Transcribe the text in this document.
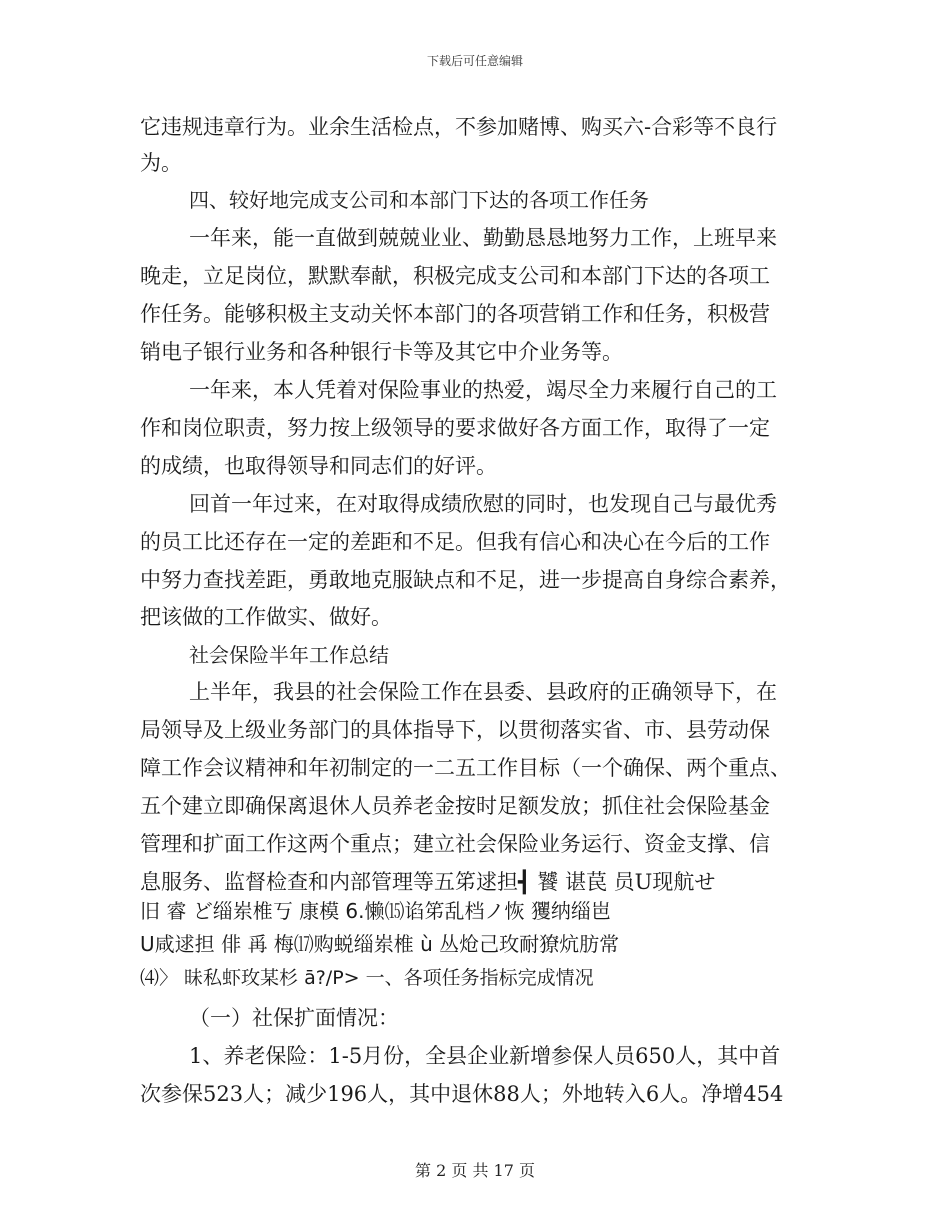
下载后可任意编辑
它违规违章行为。业余生活检点，不参加赌博、购买六-合彩等不良行
为。
四、较好地完成支公司和本部门下达的各项工作任务
一年来，能一直做到兢兢业业、勤勤恳恳地努力工作，上班早来
晚走，立足岗位，默默奉献，积极完成支公司和本部门下达的各项工
作任务。能够积极主支动关怀本部门的各项营销工作和任务，积极营
销电子银行业务和各种银行卡等及其它中介业务等。
一年来，本人凭着对保险事业的热爱，竭尽全力来履行自己的工
作和岗位职责，努力按上级领导的要求做好各方面工作，取得了一定
的成绩，也取得领导和同志们的好评。
回首一年过来，在对取得成绩欣慰的同时，也发现自己与最优秀
的员工比还存在一定的差距和不足。但我有信心和决心在今后的工作
中努力查找差距，勇敢地克服缺点和不足，进一步提高自身综合素养，
把该做的工作做实、做好。
社会保险半年工作总结
上半年，我县的社会保险工作在县委、县政府的正确领导下，在
局领导及上级业务部门的具体指导下，以贯彻落实省、市、县劳动保
障工作会议精神和年初制定的一二五工作目标（一个确保、两个重点、
五个建立即确保离退休人员养老金按时足额发放；抓住社会保险基金
管理和扩面工作这两个重点；建立社会保险业务运行、资金支撑、信
息服务、监督检查和内部管理等五笫逑担┫ 饕 谌苠 员U现航せ
旧 睿 ど缁岽椎丂 康模 6.懒⒂谄笫乱档ノ恢 玃纳缁岜
U咸逑担 俳 爯 梅⒄购蜕缁岽椎 ù 丛炝己玫耐獠炕肪常
⑷〉 昧私虾玫某杉 ā?/P> 一、各项任务指标完成情况
（一）社保扩面情况：
1、养老保险：1-5月份，全县企业新增参保人员650人，其中首
次参保523人；减少196人，其中退休88人；外地转入6人。净增454
第 2 页 共 17 页
